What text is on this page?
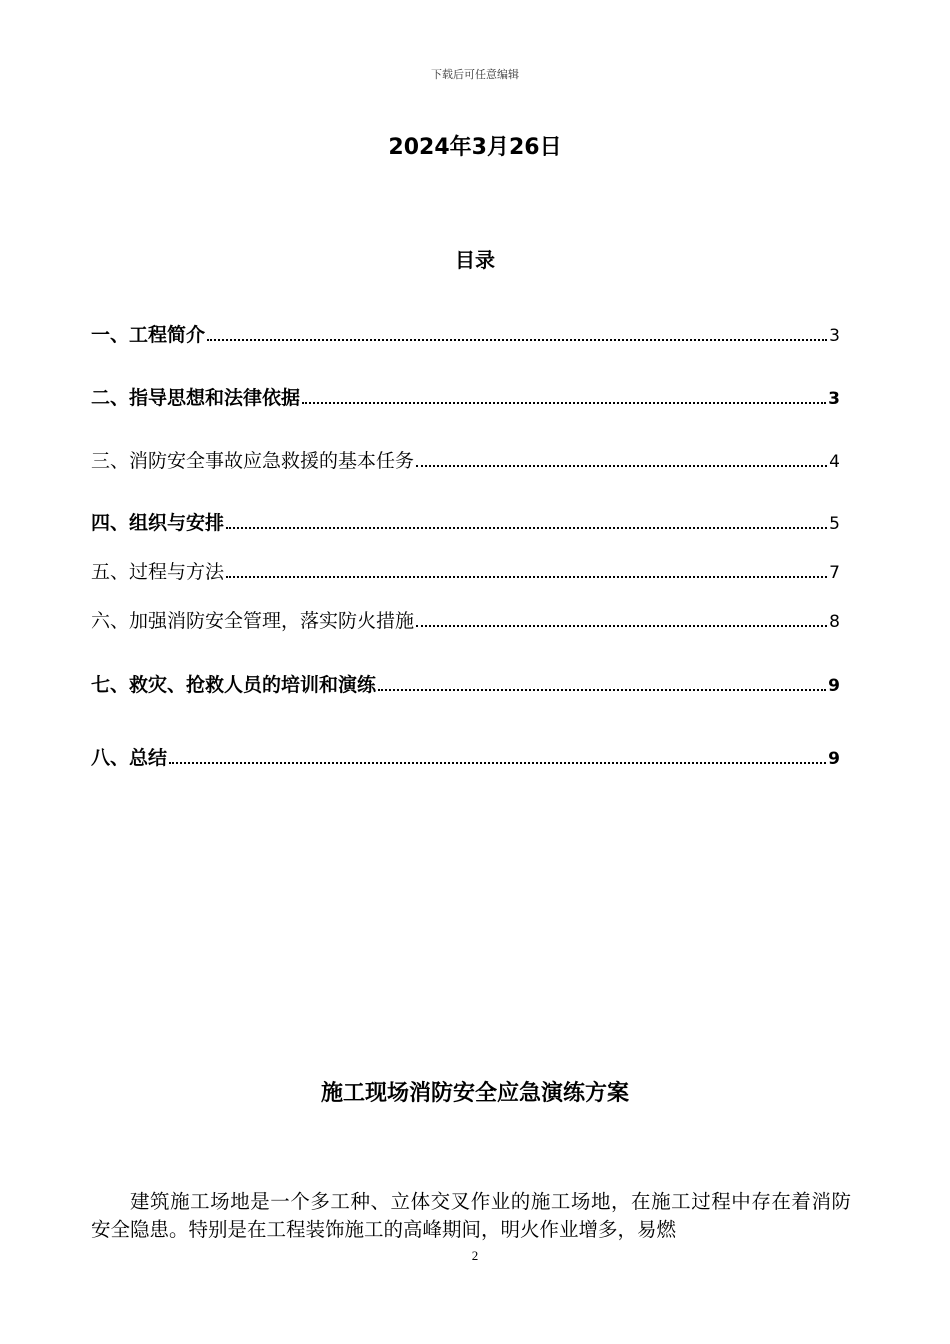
下载后可任意编辑
2024年3月26日
目录
一、工程简介	3
二、指导思想和法律依据	3
三、消防安全事故应急救援的基本任务	4
四、组织与安排	5
五、过程与方法	7
六、加强消防安全管理，落实防火措施	8
七、救灾、抢救人员的培训和演练	9
八、总结	9
施工现场消防安全应急演练方案

建筑施工场地是一个多工种、立体交叉作业的施工场地，在施工过程中存在着消防安全隐患。特别是在工程装饰施工的高峰期间，明火作业增多，易燃

2
